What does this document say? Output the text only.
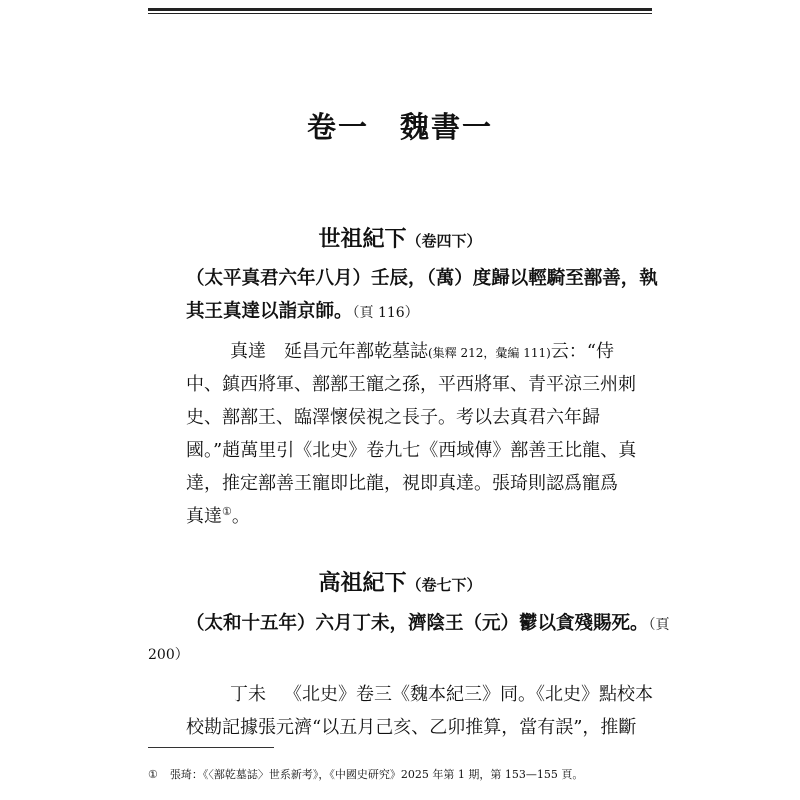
卷一　魏書一
世祖紀下（卷四下）
（太平真君六年八月）壬辰，（萬）度歸以輕騎至鄯善，執
其王真達以詣京師。（頁 116）
真達 延昌元年鄯乾墓誌(集釋 212，彙編 111)云：“侍
中、鎮西將軍、鄯鄯王寵之孫，平西將軍、青平涼三州刺
史、鄯鄯王、臨澤懷侯視之長子。考以去真君六年歸
國。”趙萬里引《北史》卷九七《西域傳》鄯善王比龍、真
達，推定鄯善王寵即比龍，視即真達。張琦則認爲寵爲
真達①。
高祖紀下（卷七下）
（太和十五年）六月丁未，濟陰王（元）鬱以貪殘賜死。（頁
200）
丁未 《北史》卷三《魏本紀三》同。《北史》點校本
校勘記據張元濟“以五月己亥、乙卯推算，當有誤”，推斷
① 張琦：《〈鄯乾墓誌〉世系新考》，《中國史研究》2025 年第 1 期，第 153—155 頁。
